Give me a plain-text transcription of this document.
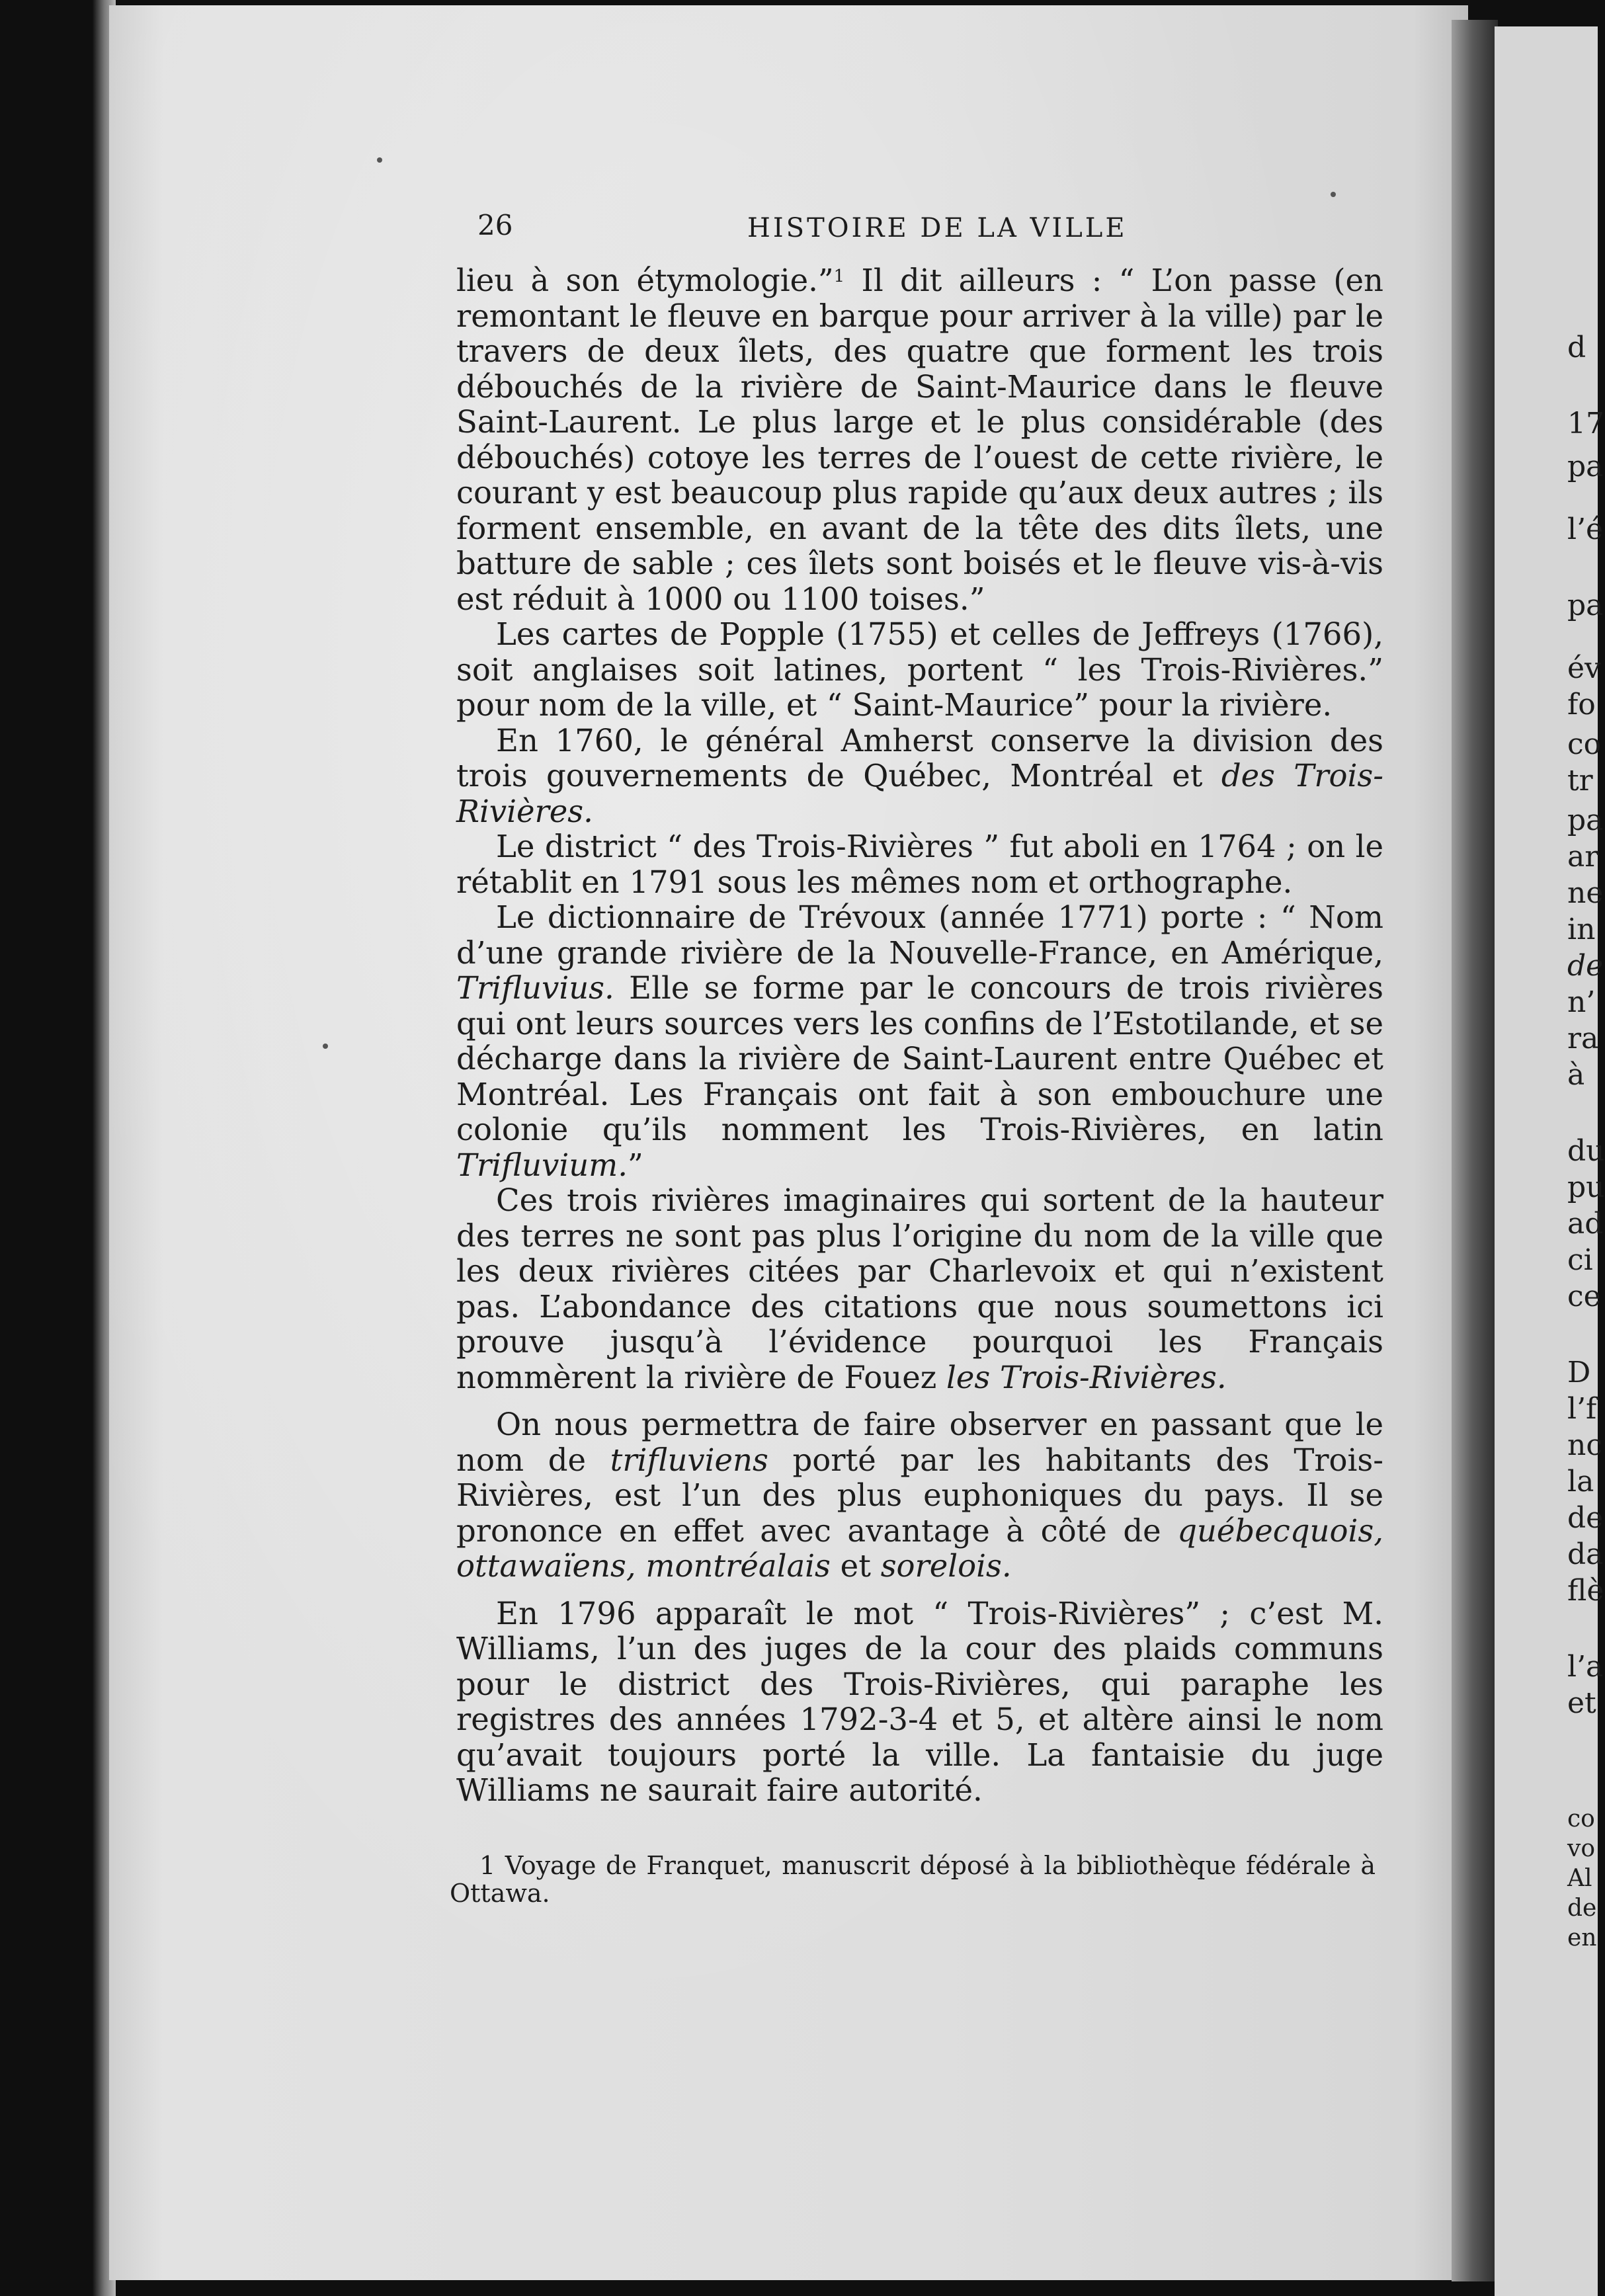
26	HISTOIRE DE LA VILLE

lieu à son étymologie.”$^1$ Il dit ailleurs : “ L’on passe (en remontant le fleuve en barque pour arriver à la ville) par le travers de deux îlets, des quatre que forment les trois débouchés de la rivière de Saint-Maurice dans le fleuve Saint-Laurent. Le plus large et le plus considérable (des débouchés) cotoye les terres de l’ouest de cette rivière, le courant y est beaucoup plus rapide qu’aux deux autres ; ils forment ensemble, en avant de la tête des dits îlets, une batture de sable ; ces îlets sont boisés et le fleuve vis-à-vis est réduit à 1000 ou 1100 toises.”

Les cartes de Popple (1755) et celles de Jeffreys (1766), soit anglaises soit latines, portent “ les Trois-Rivières.” pour nom de la ville, et “ Saint-Maurice” pour la rivière.

En 1760, le général Amherst conserve la division des trois gouvernements de Québec, Montréal et des Trois-Rivières.

Le district “ des Trois-Rivières ” fut aboli en 1764 ; on le rétablit en 1791 sous les mêmes nom et orthographe.

Le dictionnaire de Trévoux (année 1771) porte : “ Nom d’une grande rivière de la Nouvelle-France, en Amérique, Trifluvius. Elle se forme par le concours de trois rivières qui ont leurs sources vers les confins de l’Estotilande, et se décharge dans la rivière de Saint-Laurent entre Québec et Montréal. Les Français ont fait à son embouchure une colonie qu’ils nomment les Trois-Rivières, en latin Trifluvium.”

Ces trois rivières imaginaires qui sortent de la hauteur des terres ne sont pas plus l’origine du nom de la ville que les deux rivières citées par Charlevoix et qui n’existent pas. L’abondance des citations que nous soumettons ici prouve jusqu’à l’évidence pourquoi les Français nommèrent la rivière de Fouez les Trois-Rivières.

On nous permettra de faire observer en passant que le nom de trifluviens porté par les habitants des Trois-Rivières, est l’un des plus euphoniques du pays. Il se prononce en effet avec avantage à côté de québecquois, ottawaïens, montréalais et sorelois.

En 1796 apparaît le mot “ Trois-Rivières” ; c’est M. Williams, l’un des juges de la cour des plaids communs pour le district des Trois-Rivières, qui paraphe les registres des années 1792-3-4 et 5, et altère ainsi le nom qu’avait toujours porté la ville. La fantaisie du juge Williams ne saurait faire autorité.

1 Voyage de Franquet, manuscrit déposé à la bibliothèque fédérale à Ottawa.
d
17
pa
l’é
pa
év
fo
co
tr
pa
ar
ne
in
de
n’
ra
à
du
pu
ad
ci
ce
D
l’f
nc
la
de
da
flè
l’a
et
co
vo
Al
de
en
